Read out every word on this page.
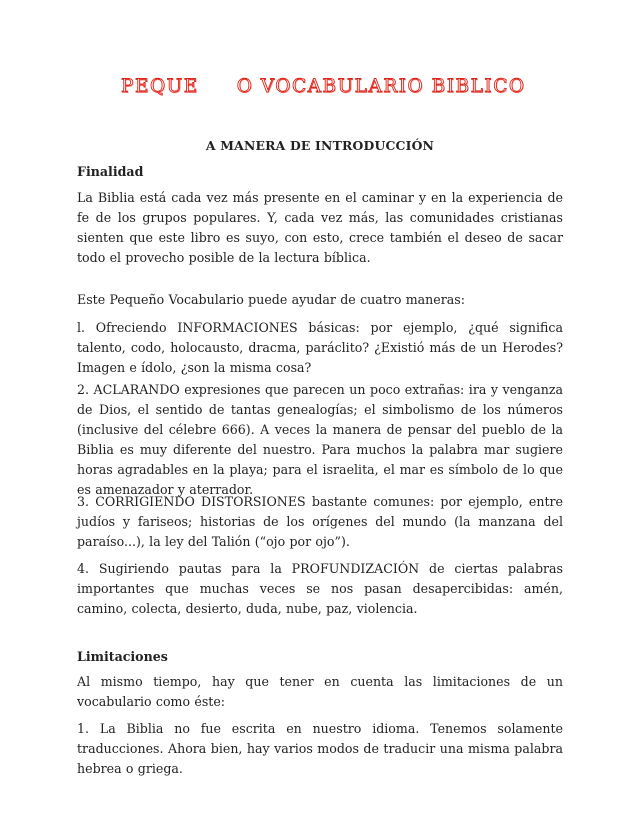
PEQUE O VOCABULARIO BIBLICO
A MANERA DE INTRODUCCIÓN
Finalidad

La Biblia está cada vez más presente en el caminar y en la experiencia de fe de los grupos populares. Y, cada vez más, las comunidades cristianas sienten que este libro es suyo, con esto, crece también el deseo de sacar todo el provecho posible de la lectura bíblica.

Este Pequeño Vocabulario puede ayudar de cuatro maneras:

l. Ofreciendo INFORMACIONES básicas: por ejemplo, ¿qué significa talento, codo, holocausto, dracma, paráclito? ¿Existió más de un Herodes? Imagen e ídolo, ¿son la misma cosa?

2. ACLARANDO expresiones que parecen un poco extrañas: ira y venganza de Dios, el sentido de tantas genealogías; el simbolismo de los números (inclusive del célebre 666). A veces la manera de pensar del pueblo de la Biblia es muy diferente del nuestro. Para muchos la palabra mar sugiere horas agradables en la playa; para el israelita, el mar es símbolo de lo que es amenazador y aterrador.

3. CORRIGIENDO DISTORSIONES bastante comunes: por ejemplo, entre judíos y fariseos; historias de los orígenes del mundo (la manzana del paraíso...), la ley del Talión (“ojo por ojo”).

4. Sugiriendo pautas para la PROFUNDIZACIÓN de ciertas palabras importantes que muchas veces se nos pasan desapercibidas: amén, camino, colecta, desierto, duda, nube, paz, violencia.

Limitaciones

Al mismo tiempo, hay que tener en cuenta las limitaciones de un vocabulario como éste:

1. La Biblia no fue escrita en nuestro idioma. Tenemos solamente traducciones. Ahora bien, hay varios modos de traducir una misma palabra hebrea o griega.
